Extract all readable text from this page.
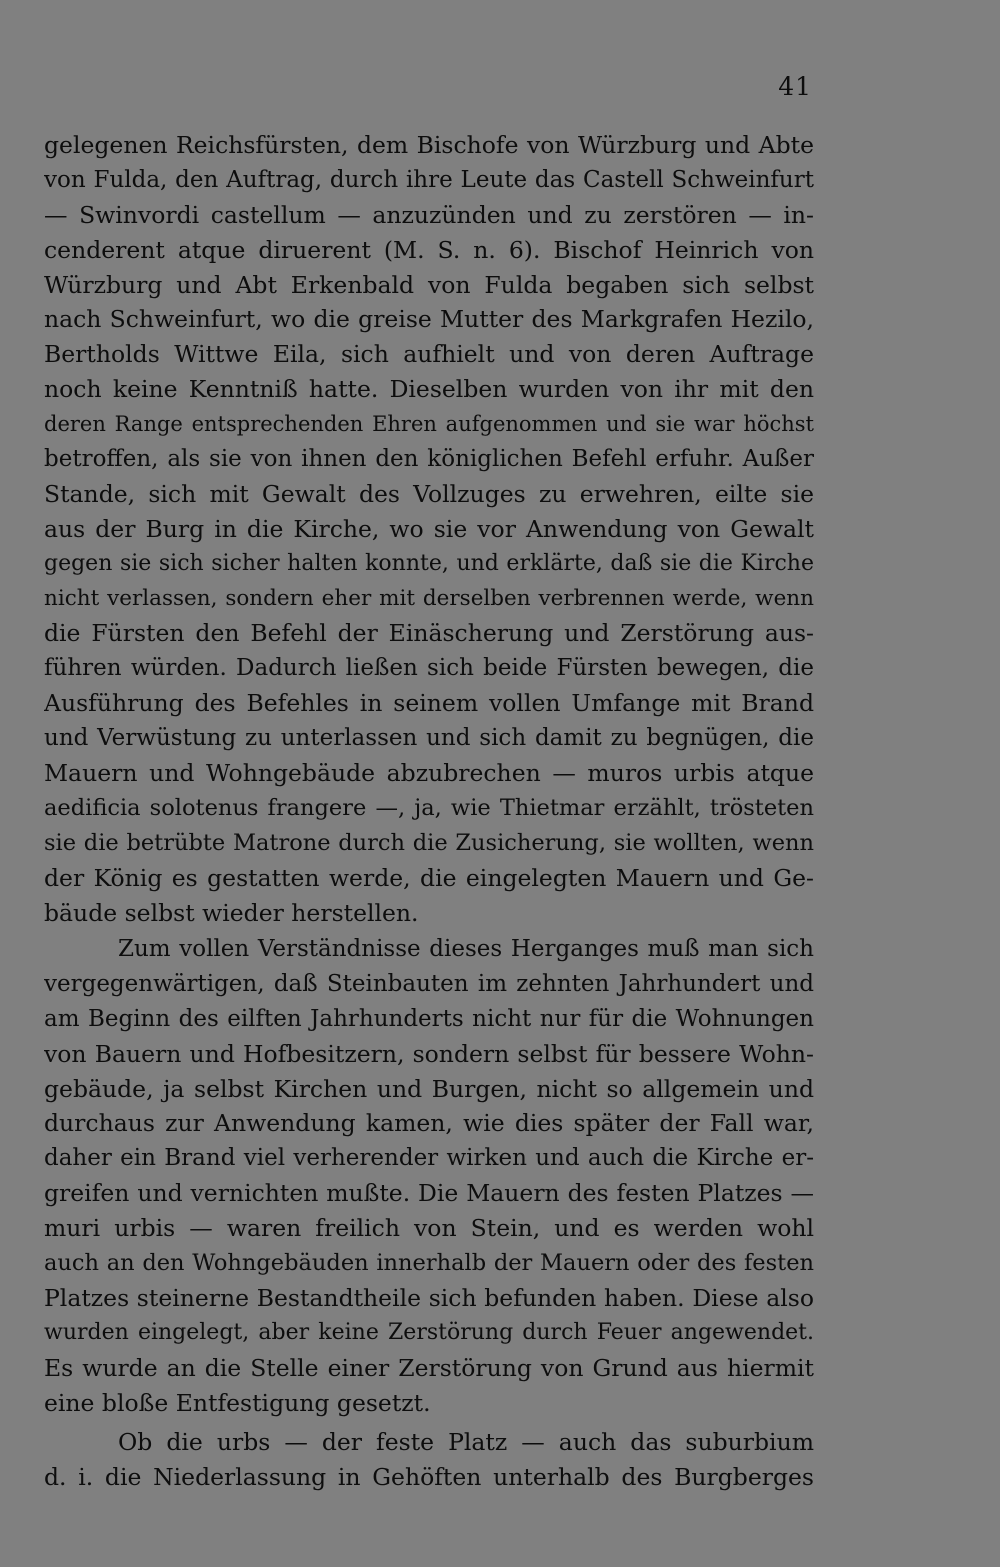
41
gelegenen Reichsfürsten, dem Bischofe von Würzburg und Abte
von Fulda, den Auftrag, durch ihre Leute das Castell Schweinfurt
— Swinvordi castellum — anzuzünden und zu zerstören — in-
cenderent atque diruerent (M. S. n. 6). Bischof Heinrich von
Würzburg und Abt Erkenbald von Fulda begaben sich selbst
nach Schweinfurt, wo die greise Mutter des Markgrafen Hezilo,
Bertholds Wittwe Eila, sich aufhielt und von deren Auftrage
noch keine Kenntniß hatte. Dieselben wurden von ihr mit den
deren Range entsprechenden Ehren aufgenommen und sie war höchst
betroffen, als sie von ihnen den königlichen Befehl erfuhr. Außer
Stande, sich mit Gewalt des Vollzuges zu erwehren, eilte sie
aus der Burg in die Kirche, wo sie vor Anwendung von Gewalt
gegen sie sich sicher halten konnte, und erklärte, daß sie die Kirche
nicht verlassen, sondern eher mit derselben verbrennen werde, wenn
die Fürsten den Befehl der Einäscherung und Zerstörung aus-
führen würden. Dadurch ließen sich beide Fürsten bewegen, die
Ausführung des Befehles in seinem vollen Umfange mit Brand
und Verwüstung zu unterlassen und sich damit zu begnügen, die
Mauern und Wohngebäude abzubrechen — muros urbis atque
aedificia solotenus frangere —, ja, wie Thietmar erzählt, trösteten
sie die betrübte Matrone durch die Zusicherung, sie wollten, wenn
der König es gestatten werde, die eingelegten Mauern und Ge-
bäude selbst wieder herstellen.
Zum vollen Verständnisse dieses Herganges muß man sich
vergegenwärtigen, daß Steinbauten im zehnten Jahrhundert und
am Beginn des eilften Jahrhunderts nicht nur für die Wohnungen
von Bauern und Hofbesitzern, sondern selbst für bessere Wohn-
gebäude, ja selbst Kirchen und Burgen, nicht so allgemein und
durchaus zur Anwendung kamen, wie dies später der Fall war,
daher ein Brand viel verherender wirken und auch die Kirche er-
greifen und vernichten mußte. Die Mauern des festen Platzes —
muri urbis — waren freilich von Stein, und es werden wohl
auch an den Wohngebäuden innerhalb der Mauern oder des festen
Platzes steinerne Bestandtheile sich befunden haben. Diese also
wurden eingelegt, aber keine Zerstörung durch Feuer angewendet.
Es wurde an die Stelle einer Zerstörung von Grund aus hiermit
eine bloße Entfestigung gesetzt.
Ob die urbs — der feste Platz — auch das suburbium
d. i. die Niederlassung in Gehöften unterhalb des Burgberges
